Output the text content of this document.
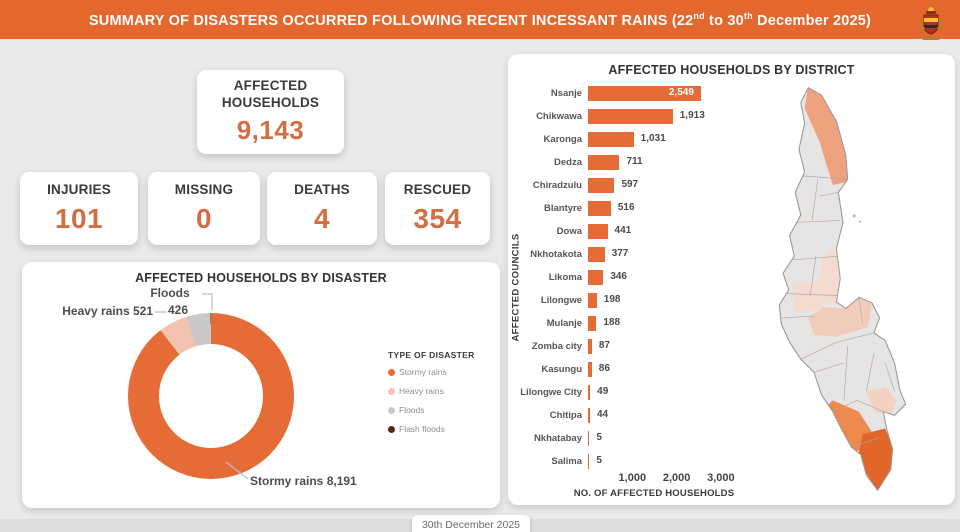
SUMMARY OF DISASTERS OCCURRED FOLLOWING RECENT INCESSANT RAINS (22nd to 30th December 2025)
AFFECTED
HOUSEHOLDS
9,143
INJURIES
101
MISSING
0
DEATHS
4
RESCUED
354
AFFECTED HOUSEHOLDS BY DISASTER
Floods
426
Heavy rains 521
Stormy rains 8,191
TYPE OF DISASTER
Stormy rains
Heavy rains
Floods
Flash floods
AFFECTED HOUSEHOLDS BY DISTRICT
AFFECTED COUNCILS
Nsanje	2,549
Chikwawa	1,913
Karonga	1,031
Dedza	711
Chiradzulu	597
Blantyre	516
Dowa	441
Nkhotakota	377
Likoma	346
Lilongwe	198
Mulanje	188
Zomba city	87
Kasungu	86
Lilongwe City	49
Chitipa	44
Nkhatabay	5
Salima	5
1,000	2,000	3,000
NO. OF AFFECTED HOUSEHOLDS
30th December 2025
